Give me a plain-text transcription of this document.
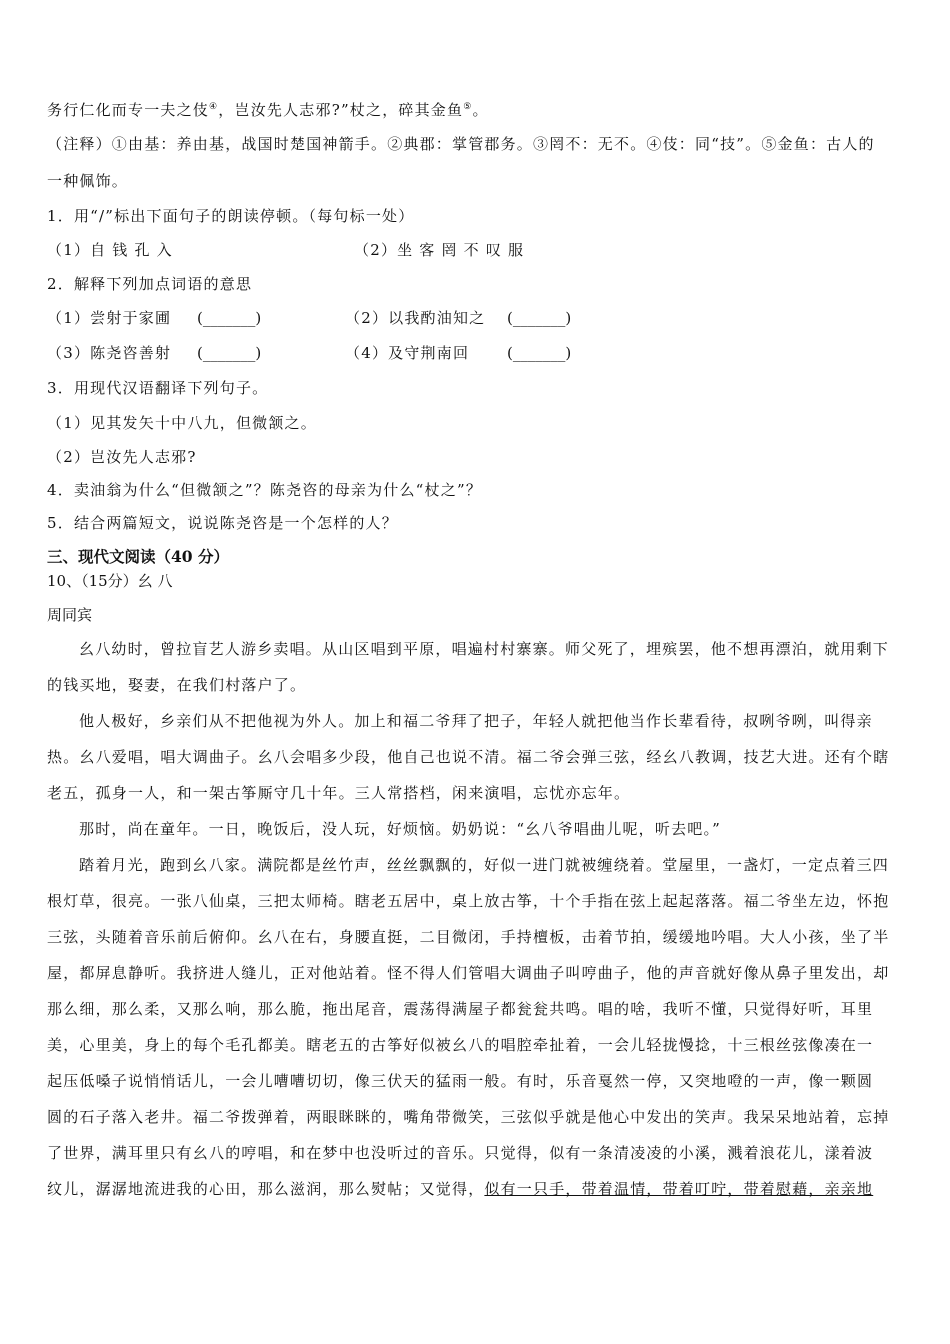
务行仁化而专一夫之伎④，岂汝先人志邪?”杖之，碎其金鱼⑤。
（注释）①由基：养由基，战国时楚国神箭手。②典郡：掌管郡务。③罔不：无不。④伎：同“技”。⑤金鱼：古人的
一种佩饰。
1．用“/”标出下面句子的朗读停顿。（每句标一处）
（1）自 钱 孔 入	（2）坐 客 罔 不 叹 服
2．解释下列加点词语的意思
（1）尝射于家圃 (_______)	（2）以我酌油知之 (_______)
（3）陈尧咨善射 (_______)	（4）及守荆南回	(_______)
3．用现代汉语翻译下列句子。
（1）见其发矢十中八九，但微颔之。
（2）岂汝先人志邪?
4．卖油翁为什么“但微颔之”？陈尧咨的母亲为什么“杖之”？
5．结合两篇短文，说说陈尧咨是一个怎样的人？
三、现代文阅读（40 分）
10、（15分）幺 八
周同宾
幺八幼时，曾拉盲艺人游乡卖唱。从山区唱到平原，唱遍村村寨寨。师父死了，埋殡罢，他不想再漂泊，就用剩下
的钱买地，娶妻，在我们村落户了。
他人极好，乡亲们从不把他视为外人。加上和福二爷拜了把子，年轻人就把他当作长辈看待，叔咧爷咧，叫得亲
热。幺八爱唱，唱大调曲子。幺八会唱多少段，他自己也说不清。福二爷会弹三弦，经幺八教调，技艺大进。还有个瞎
老五，孤身一人，和一架古筝厮守几十年。三人常搭档，闲来演唱，忘忧亦忘年。
那时，尚在童年。一日，晚饭后，没人玩，好烦恼。奶奶说：“幺八爷唱曲儿呢，听去吧。”
踏着月光，跑到幺八家。满院都是丝竹声，丝丝飘飘的，好似一进门就被缠绕着。堂屋里，一盏灯，一定点着三四
根灯草，很亮。一张八仙桌，三把太师椅。瞎老五居中，桌上放古筝，十个手指在弦上起起落落。福二爷坐左边，怀抱
三弦，头随着音乐前后俯仰。幺八在右，身腰直挺，二目微闭，手持檀板，击着节拍，缓缓地吟唱。大人小孩，坐了半
屋，都屏息静听。我挤进人缝儿，正对他站着。怪不得人们管唱大调曲子叫哼曲子，他的声音就好像从鼻子里发出，却
那么细，那么柔，又那么响，那么脆，拖出尾音，震荡得满屋子都瓮瓮共鸣。唱的啥，我听不懂，只觉得好听，耳里
美，心里美，身上的每个毛孔都美。瞎老五的古筝好似被幺八的唱腔牵扯着，一会儿轻拢慢捻，十三根丝弦像凑在一
起压低嗓子说悄悄话儿，一会儿嘈嘈切切，像三伏天的猛雨一般。有时，乐音戛然一停，又突地噔的一声，像一颗圆
圆的石子落入老井。福二爷拨弹着，两眼眯眯的，嘴角带微笑，三弦似乎就是他心中发出的笑声。我呆呆地站着，忘掉
了世界，满耳里只有幺八的哼唱，和在梦中也没听过的音乐。只觉得，似有一条清凌凌的小溪，溅着浪花儿，漾着波
纹儿，潺潺地流进我的心田，那么滋润，那么熨帖；又觉得，似有一只手，带着温情，带着叮咛，带着慰藉，亲亲地
